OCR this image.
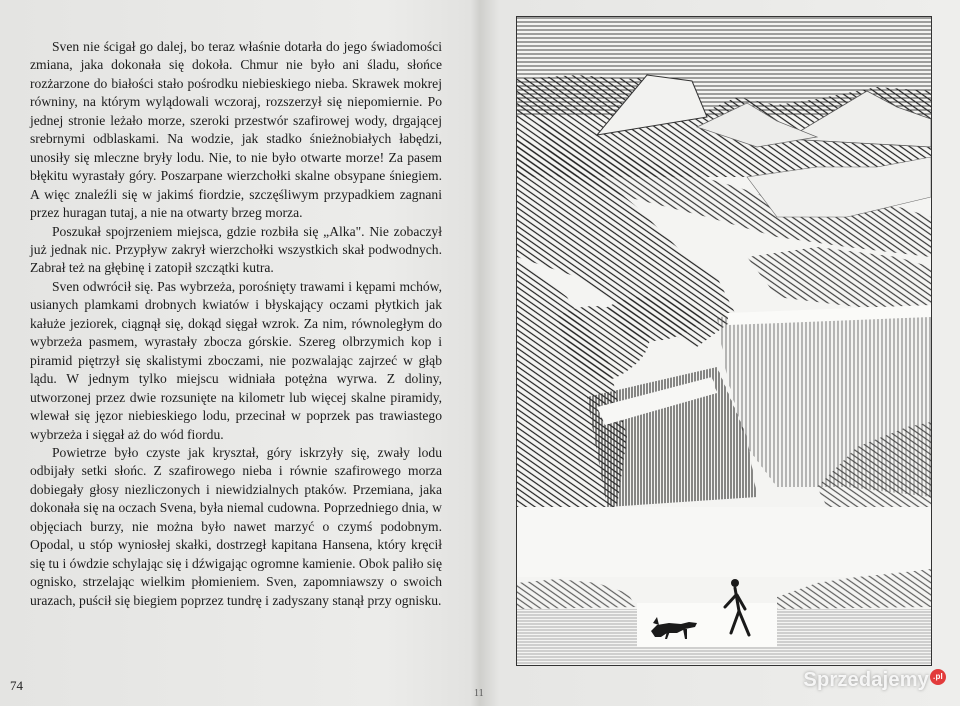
Sven nie ścigał go dalej, bo teraz właśnie dotarła do jego świadomości zmiana, jaka dokonała się dokoła. Chmur nie było ani śladu, słońce rozżarzone do białości stało pośrodku niebieskiego nieba. Skrawek mokrej równiny, na którym wylądowali wczoraj, rozszerzył się niepomiernie. Po jednej stronie leżało morze, szeroki przestwór szafirowej wody, drgającej srebrnymi odblaskami. Na wodzie, jak stadko śnieżnobiałych łabędzi, unosiły się mleczne bryły lodu. Nie, to nie było otwarte morze! Za pasem błękitu wyrastały góry. Poszarpane wierzchołki skalne obsypane śniegiem. A więc znaleźli się w jakimś fiordzie, szczęśliwym przypadkiem zagnani przez huragan tutaj, a nie na otwarty brzeg morza.

Poszukał spojrzeniem miejsca, gdzie rozbiła się „Alka". Nie zobaczył już jednak nic. Przypływ zakrył wierzchołki wszystkich skał podwodnych. Zabrał też na głębinę i zatopił szczątki kutra.

Sven odwrócił się. Pas wybrzeża, porośnięty trawami i kępami mchów, usianych plamkami drobnych kwiatów i błyskający oczami płytkich jak kałuże jeziorek, ciągnął się, dokąd sięgał wzrok. Za nim, równoległym do wybrzeża pasmem, wyrastały zbocza górskie. Szereg olbrzymich kop i piramid piętrzył się skalistymi zboczami, nie pozwalając zajrzeć w głąb lądu. W jednym tylko miejscu widniała potężna wyrwa. Z doliny, utworzonej przez dwie rozsunięte na kilometr lub więcej skalne piramidy, wlewał się jęzor niebieskiego lodu, przecinał w poprzek pas trawiastego wybrzeża i sięgał aż do wód fiordu.

Powietrze było czyste jak kryształ, góry iskrzyły się, zwały lodu odbijały setki słońc. Z szafirowego nieba i równie szafirowego morza dobiegały głosy niezliczonych i niewidzialnych ptaków. Przemiana, jaka dokonała się na oczach Svena, była niemal cudowna. Poprzedniego dnia, w objęciach burzy, nie można było nawet marzyć o czymś podobnym. Opodal, u stóp wyniosłej skałki, dostrzegł kapitana Hansena, który kręcił się tu i ówdzie schylając się i dźwigając ogromne kamienie. Obok paliło się ognisko, strzelając wielkim płomieniem. Sven, zapomniawszy o swoich urazach, puścił się biegiem poprzez tundrę i zadyszany stanął przy ognisku.

74
11
Sprzedajemy .pl
